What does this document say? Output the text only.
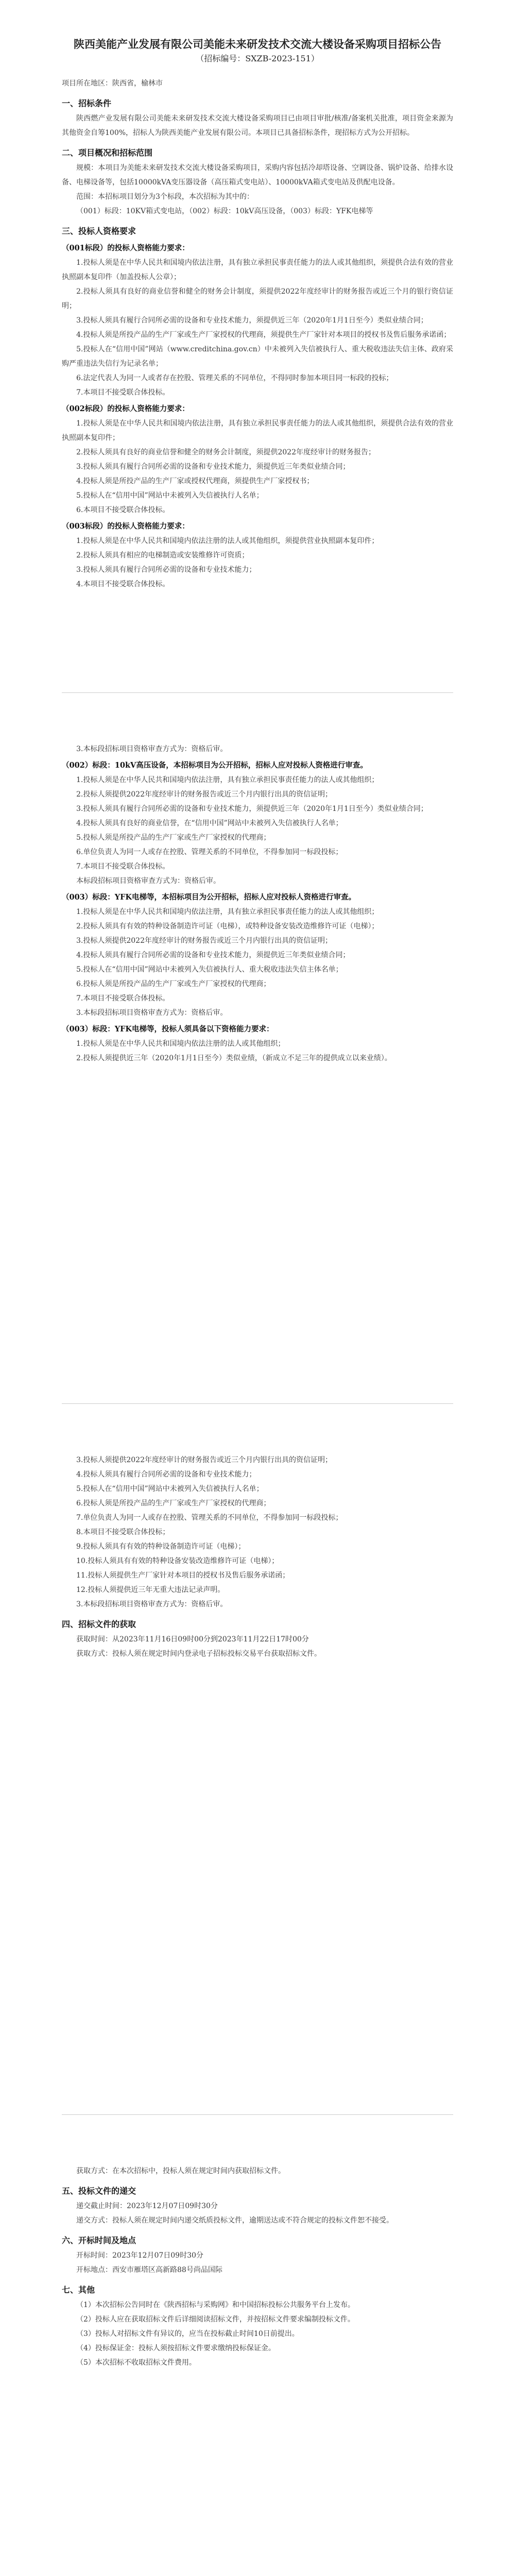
陕西美能产业发展有限公司美能未来研发技术交流大楼设备采购项目招标公告
（招标编号：SXZB-2023-151）
项目所在地区：陕西省，榆林市
一、招标条件
陕西燃产业发展有限公司美能未来研发技术交流大楼设备采购项目已由项目审批/核准/备案机关批准，项目资金来源为其他资金自筹100%，招标人为陕西美能产业发展有限公司。本项目已具备招标条件，现招标方式为公开招标。
二、项目概况和招标范围
规模：本项目为美能未来研发技术交流大楼设备采购项目，采购内容包括冷却塔设备、空调设备、锅炉设备、给排水设备、电梯设备等，包括10000kVA变压器设备（高压箱式变电站）、10000kVA箱式变电站及供配电设备。
范围：本招标项目划分为3个标段，本次招标为其中的：
（001）标段：10KV箱式变电站，（002）标段：10kV高压设备，（003）标段：YFK电梯等
三、投标人资格要求
（001标段）的投标人资格能力要求：
1.投标人须是在中华人民共和国境内依法注册，具有独立承担民事责任能力的法人或其他组织，须提供合法有效的营业执照副本复印件（加盖投标人公章）；
2.投标人须具有良好的商业信誉和健全的财务会计制度，须提供2022年度经审计的财务报告或近三个月的银行资信证明；
3.投标人须具有履行合同所必需的设备和专业技术能力，须提供近三年（2020年1月1日至今）类似业绩合同；
4.投标人须是所投产品的生产厂家或生产厂家授权的代理商，须提供生产厂家针对本项目的授权书及售后服务承诺函；
5.投标人在“信用中国”网站（www.creditchina.gov.cn）中未被列入失信被执行人、重大税收违法失信主体、政府采购严重违法失信行为记录名单；
6.法定代表人为同一人或者存在控股、管理关系的不同单位，不得同时参加本项目同一标段的投标；
7.本项目不接受联合体投标。
（002标段）的投标人资格能力要求：
1.投标人须是在中华人民共和国境内依法注册，具有独立承担民事责任能力的法人或其他组织，须提供合法有效的营业执照副本复印件；
2.投标人须具有良好的商业信誉和健全的财务会计制度，须提供2022年度经审计的财务报告；
3.投标人须具有履行合同所必需的设备和专业技术能力，须提供近三年类似业绩合同；
4.投标人须是所投产品的生产厂家或授权代理商，须提供生产厂家授权书；
5.投标人在“信用中国”网站中未被列入失信被执行人名单；
6.本项目不接受联合体投标。
（003标段）的投标人资格能力要求：
1.投标人须是在中华人民共和国境内依法注册的法人或其他组织，须提供营业执照副本复印件；
2.投标人须具有相应的电梯制造或安装维修许可资质；
3.投标人须具有履行合同所必需的设备和专业技术能力；
4.本项目不接受联合体投标。
3.本标段招标项目资格审查方式为：资格后审。
（002）标段：10kV高压设备，本招标项目为公开招标，招标人应对投标人资格进行审查。
1.投标人须是在中华人民共和国境内依法注册，具有独立承担民事责任能力的法人或其他组织；
2.投标人须提供2022年度经审计的财务报告或近三个月内银行出具的资信证明；
3.投标人须具有履行合同所必需的设备和专业技术能力，须提供近三年（2020年1月1日至今）类似业绩合同；
4.投标人须具有良好的商业信誉，在“信用中国”网站中未被列入失信被执行人名单；
5.投标人须是所投产品的生产厂家或生产厂家授权的代理商；
6.单位负责人为同一人或存在控股、管理关系的不同单位，不得参加同一标段投标；
7.本项目不接受联合体投标。
本标段招标项目资格审查方式为：资格后审。
（003）标段：YFK电梯等，本招标项目为公开招标，招标人应对投标人资格进行审查。
1.投标人须是在中华人民共和国境内依法注册，具有独立承担民事责任能力的法人或其他组织；
2.投标人须具有有效的特种设备制造许可证（电梯），或特种设备安装改造维修许可证（电梯）；
3.投标人须提供2022年度经审计的财务报告或近三个月内银行出具的资信证明；
4.投标人须具有履行合同所必需的设备和专业技术能力，须提供近三年类似业绩合同；
5.投标人在“信用中国”网站中未被列入失信被执行人、重大税收违法失信主体名单；
6.投标人须是所投产品的生产厂家或生产厂家授权的代理商；
7.本项目不接受联合体投标。
3.本标段招标项目资格审查方式为：资格后审。
（003）标段：YFK电梯等，投标人须具备以下资格能力要求：
1.投标人须是在中华人民共和国境内依法注册的法人或其他组织；
2.投标人须提供近三年（2020年1月1日至今）类似业绩，（新成立不足三年的提供成立以来业绩）。
3.投标人须提供2022年度经审计的财务报告或近三个月内银行出具的资信证明；
4.投标人须具有履行合同所必需的设备和专业技术能力；
5.投标人在“信用中国”网站中未被列入失信被执行人名单；
6.投标人须是所投产品的生产厂家或生产厂家授权的代理商；
7.单位负责人为同一人或存在控股、管理关系的不同单位，不得参加同一标段投标；
8.本项目不接受联合体投标；
9.投标人须具有有效的特种设备制造许可证（电梯）；
10.投标人须具有有效的特种设备安装改造维修许可证（电梯）；
11.投标人须提供生产厂家针对本项目的授权书及售后服务承诺函；
12.投标人须提供近三年无重大违法记录声明。
3.本标段招标项目资格审查方式为：资格后审。
四、招标文件的获取
获取时间：从2023年11月16日09时00分到2023年11月22日17时00分
获取方式：投标人须在规定时间内登录电子招标投标交易平台获取招标文件。
获取方式：在本次招标中，投标人须在规定时间内获取招标文件。
五、投标文件的递交
递交截止时间：2023年12月07日09时30分
递交方式：投标人须在规定时间内递交纸质投标文件，逾期送达或不符合规定的投标文件恕不接受。
六、开标时间及地点
开标时间：2023年12月07日09时30分
开标地点：西安市雁塔区高新路88号尚品国际
七、其他
（1）本次招标公告同时在《陕西招标与采购网》和中国招标投标公共服务平台上发布。
（2）投标人应在获取招标文件后详细阅读招标文件，并按招标文件要求编制投标文件。
（3）投标人对招标文件有异议的，应当在投标截止时间10日前提出。
（4）投标保证金：投标人须按招标文件要求缴纳投标保证金。
（5）本次招标不收取招标文件费用。
